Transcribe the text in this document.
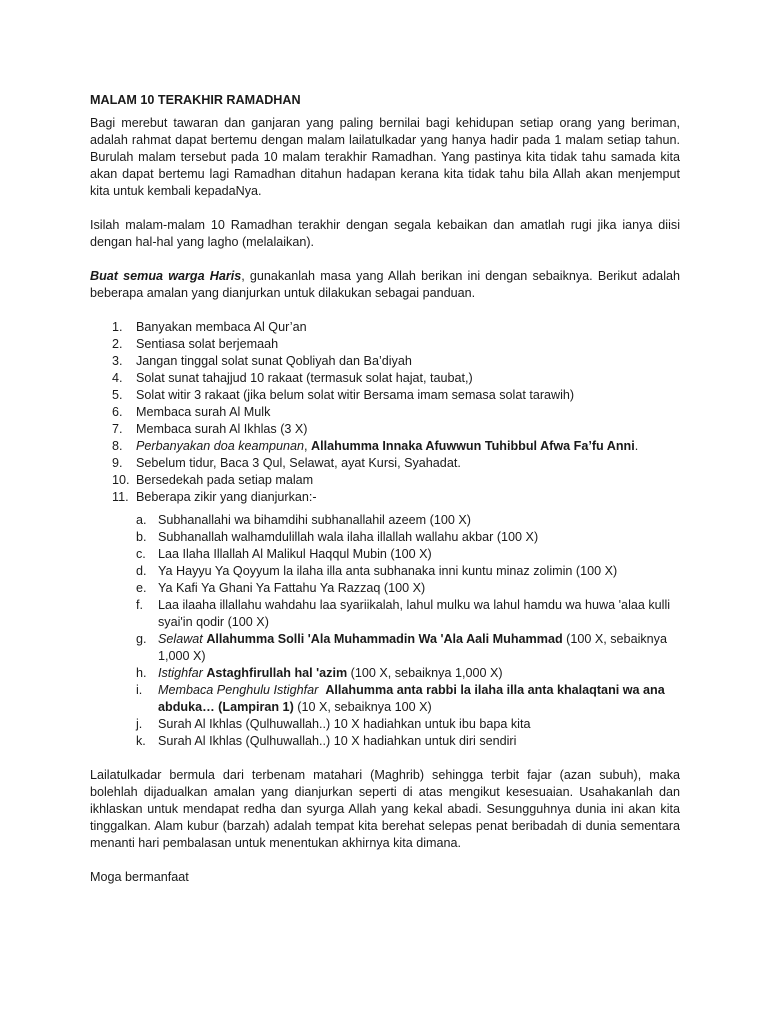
MALAM 10 TERAKHIR RAMADHAN

Bagi merebut tawaran dan ganjaran yang paling bernilai bagi kehidupan setiap orang yang beriman, adalah rahmat dapat bertemu dengan malam lailatulkadar yang hanya hadir pada 1 malam setiap tahun. Burulah malam tersebut pada 10 malam terakhir Ramadhan. Yang pastinya kita tidak tahu samada kita akan dapat bertemu lagi Ramadhan ditahun hadapan kerana kita tidak tahu bila Allah akan menjemput kita untuk kembali kepadaNya.

Isilah malam-malam 10 Ramadhan terakhir dengan segala kebaikan dan amatlah rugi jika ianya diisi dengan hal-hal yang lagho (melalaikan).

Buat semua warga Haris, gunakanlah masa yang Allah berikan ini dengan sebaiknya. Berikut adalah beberapa amalan yang dianjurkan untuk dilakukan sebagai panduan.

1.	Banyakan membaca Al Qur’an
2.	Sentiasa solat berjemaah
3.	Jangan tinggal solat sunat Qobliyah dan Ba’diyah
4.	Solat sunat tahajjud 10 rakaat (termasuk solat hajat, taubat,)
5.	Solat witir 3 rakaat (jika belum solat witir Bersama imam semasa solat tarawih)
6.	Membaca surah Al Mulk
7.	Membaca surah Al Ikhlas (3 X)
8.	Perbanyakan doa keampunan, Allahumma Innaka Afuwwun Tuhibbul Afwa Fa’fu Anni.
9.	Sebelum tidur, Baca 3 Qul, Selawat, ayat Kursi, Syahadat.
10. Bersedekah pada setiap malam
11. Beberapa zikir yang dianjurkan:-
a. Subhanallahi wa bihamdihi subhanallahil azeem (100 X)
b. Subhanallah walhamdulillah wala ilaha illallah wallahu akbar (100 X)
c. Laa Ilaha Illallah Al Malikul Haqqul Mubin (100 X)
d. Ya Hayyu Ya Qoyyum la ilaha illa anta subhanaka inni kuntu minaz zolimin (100 X)
e. Ya Kafi Ya Ghani Ya Fattahu Ya Razzaq (100 X)
f.	Laa ilaaha illallahu wahdahu laa syariikalah, lahul mulku wa lahul hamdu wa huwa 'alaa kulli syai'in qodir (100 X)
g. Selawat Allahumma Solli 'Ala Muhammadin Wa 'Ala Aali Muhammad (100 X, sebaiknya 1,000 X)
h. Istighfar Astaghfirullah hal 'azim (100 X, sebaiknya 1,000 X)
i.	Membaca Penghulu Istighfar Allahumma anta rabbi la ilaha illa anta khalaqtani wa ana abduka… (Lampiran 1) (10 X, sebaiknya 100 X)
j.	Surah Al Ikhlas (Qulhuwallah..) 10 X hadiahkan untuk ibu bapa kita
k. Surah Al Ikhlas (Qulhuwallah..) 10 X hadiahkan untuk diri sendiri

Lailatulkadar bermula dari terbenam matahari (Maghrib) sehingga terbit fajar (azan subuh), maka bolehlah dijadualkan amalan yang dianjurkan seperti di atas mengikut kesesuaian. Usahakanlah dan ikhlaskan untuk mendapat redha dan syurga Allah yang kekal abadi. Sesungguhnya dunia ini akan kita tinggalkan. Alam kubur (barzah) adalah tempat kita berehat selepas penat beribadah di dunia sementara menanti hari pembalasan untuk menentukan akhirnya kita dimana.

Moga bermanfaat
